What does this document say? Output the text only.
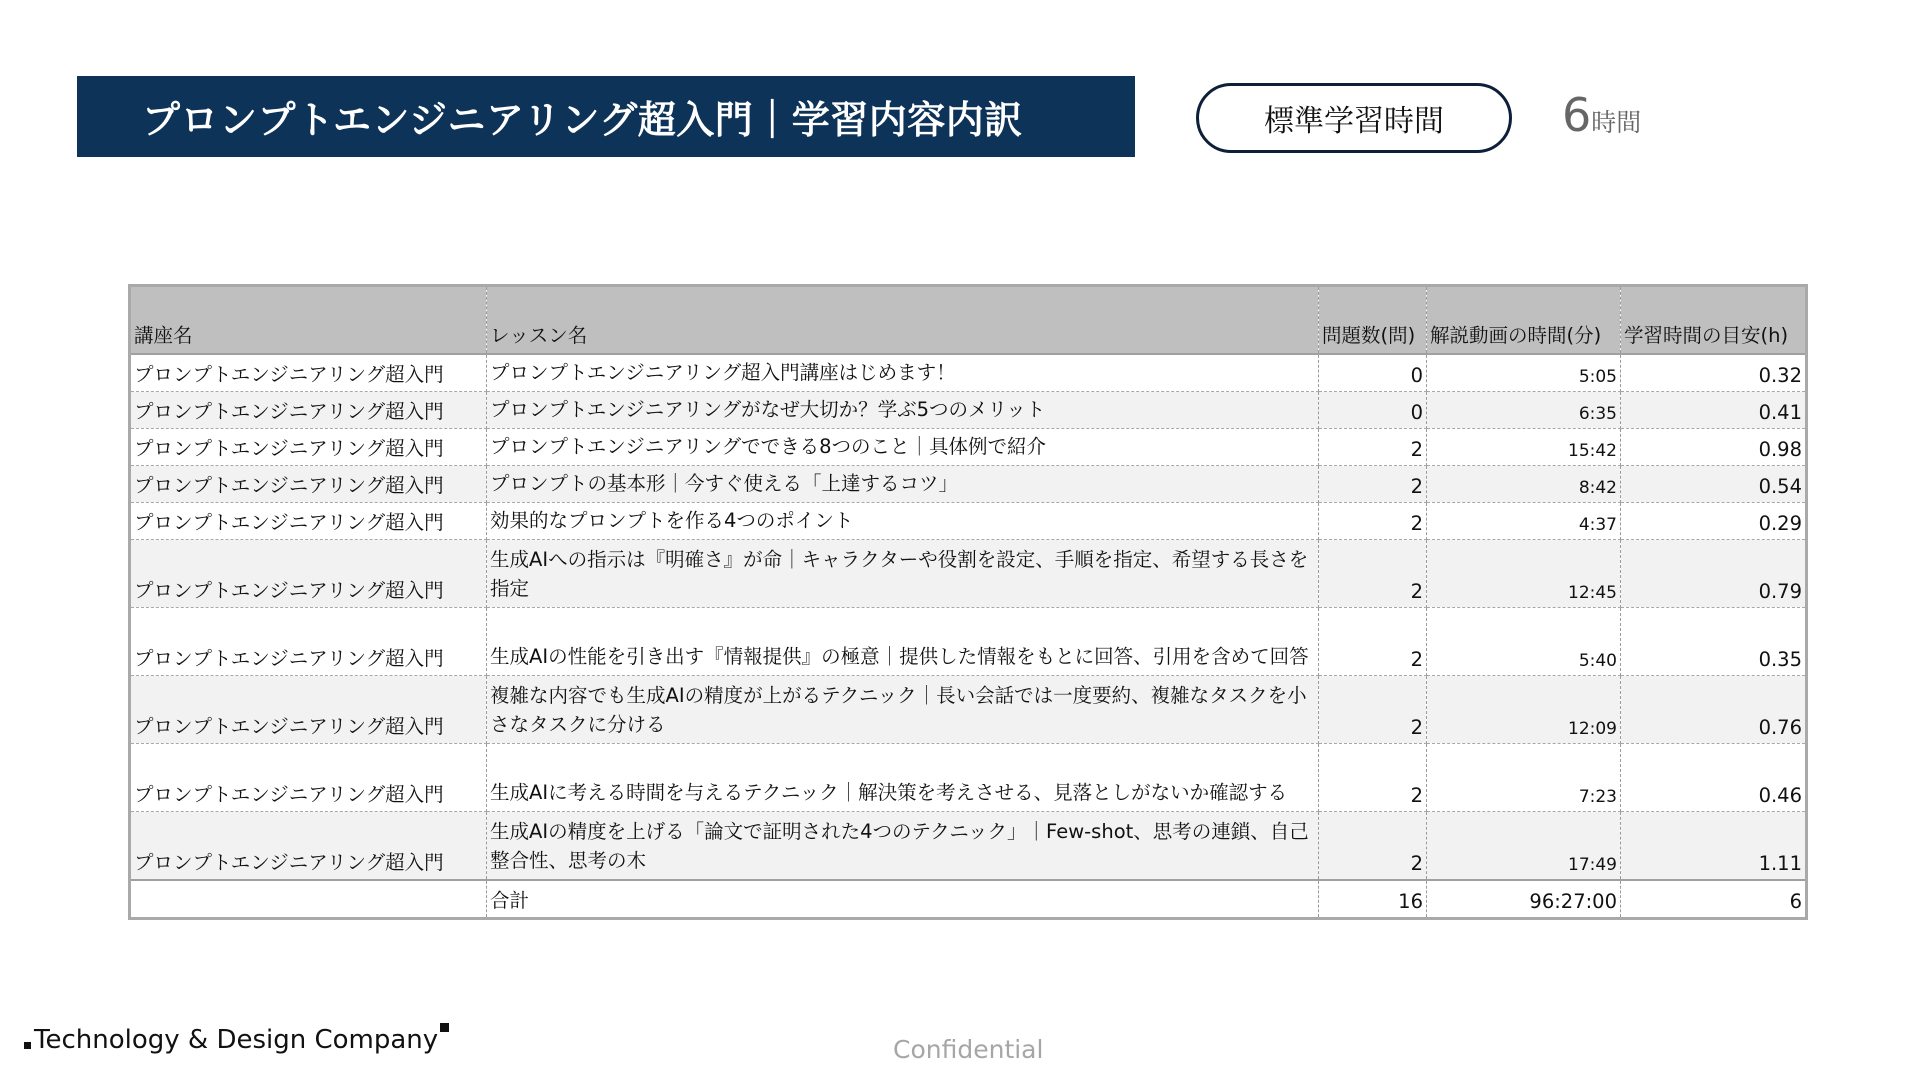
プロンプトエンジニアリング超入門｜学習内容内訳	標準学習時間	6時間
講座名	レッスン名	問題数(問)	解説動画の時間(分)	学習時間の目安(h)
プロンプトエンジニアリング超入門	プロンプトエンジニアリング超入門講座はじめます！	0	5:05	0.32
プロンプトエンジニアリング超入門	プロンプトエンジニアリングがなぜ大切か？学ぶ5つのメリット	0	6:35	0.41
プロンプトエンジニアリング超入門	プロンプトエンジニアリングでできる8つのこと｜具体例で紹介	2	15:42	0.98
プロンプトエンジニアリング超入門	プロンプトの基本形｜今すぐ使える「上達するコツ」	2	8:42	0.54
プロンプトエンジニアリング超入門	効果的なプロンプトを作る4つのポイント	2	4:37	0.29
プロンプトエンジニアリング超入門	生成AIへの指示は『明確さ』が命｜キャラクターや役割を設定、手順を指定、希望する長さを指定	2	12:45	0.79
プロンプトエンジニアリング超入門	生成AIの性能を引き出す『情報提供』の極意｜提供した情報をもとに回答、引用を含めて回答	2	5:40	0.35
プロンプトエンジニアリング超入門	複雑な内容でも生成AIの精度が上がるテクニック｜長い会話では一度要約、複雑なタスクを小さなタスクに分ける	2	12:09	0.76
プロンプトエンジニアリング超入門	生成AIに考える時間を与えるテクニック｜解決策を考えさせる、見落としがないか確認する	2	7:23	0.46
プロンプトエンジニアリング超入門	生成AIの精度を上げる「論文で証明された4つのテクニック」｜Few-shot、思考の連鎖、自己整合性、思考の木	2	17:49	1.11
	合計	16	96:27:00	6
Technology & Design Company	Confidential
